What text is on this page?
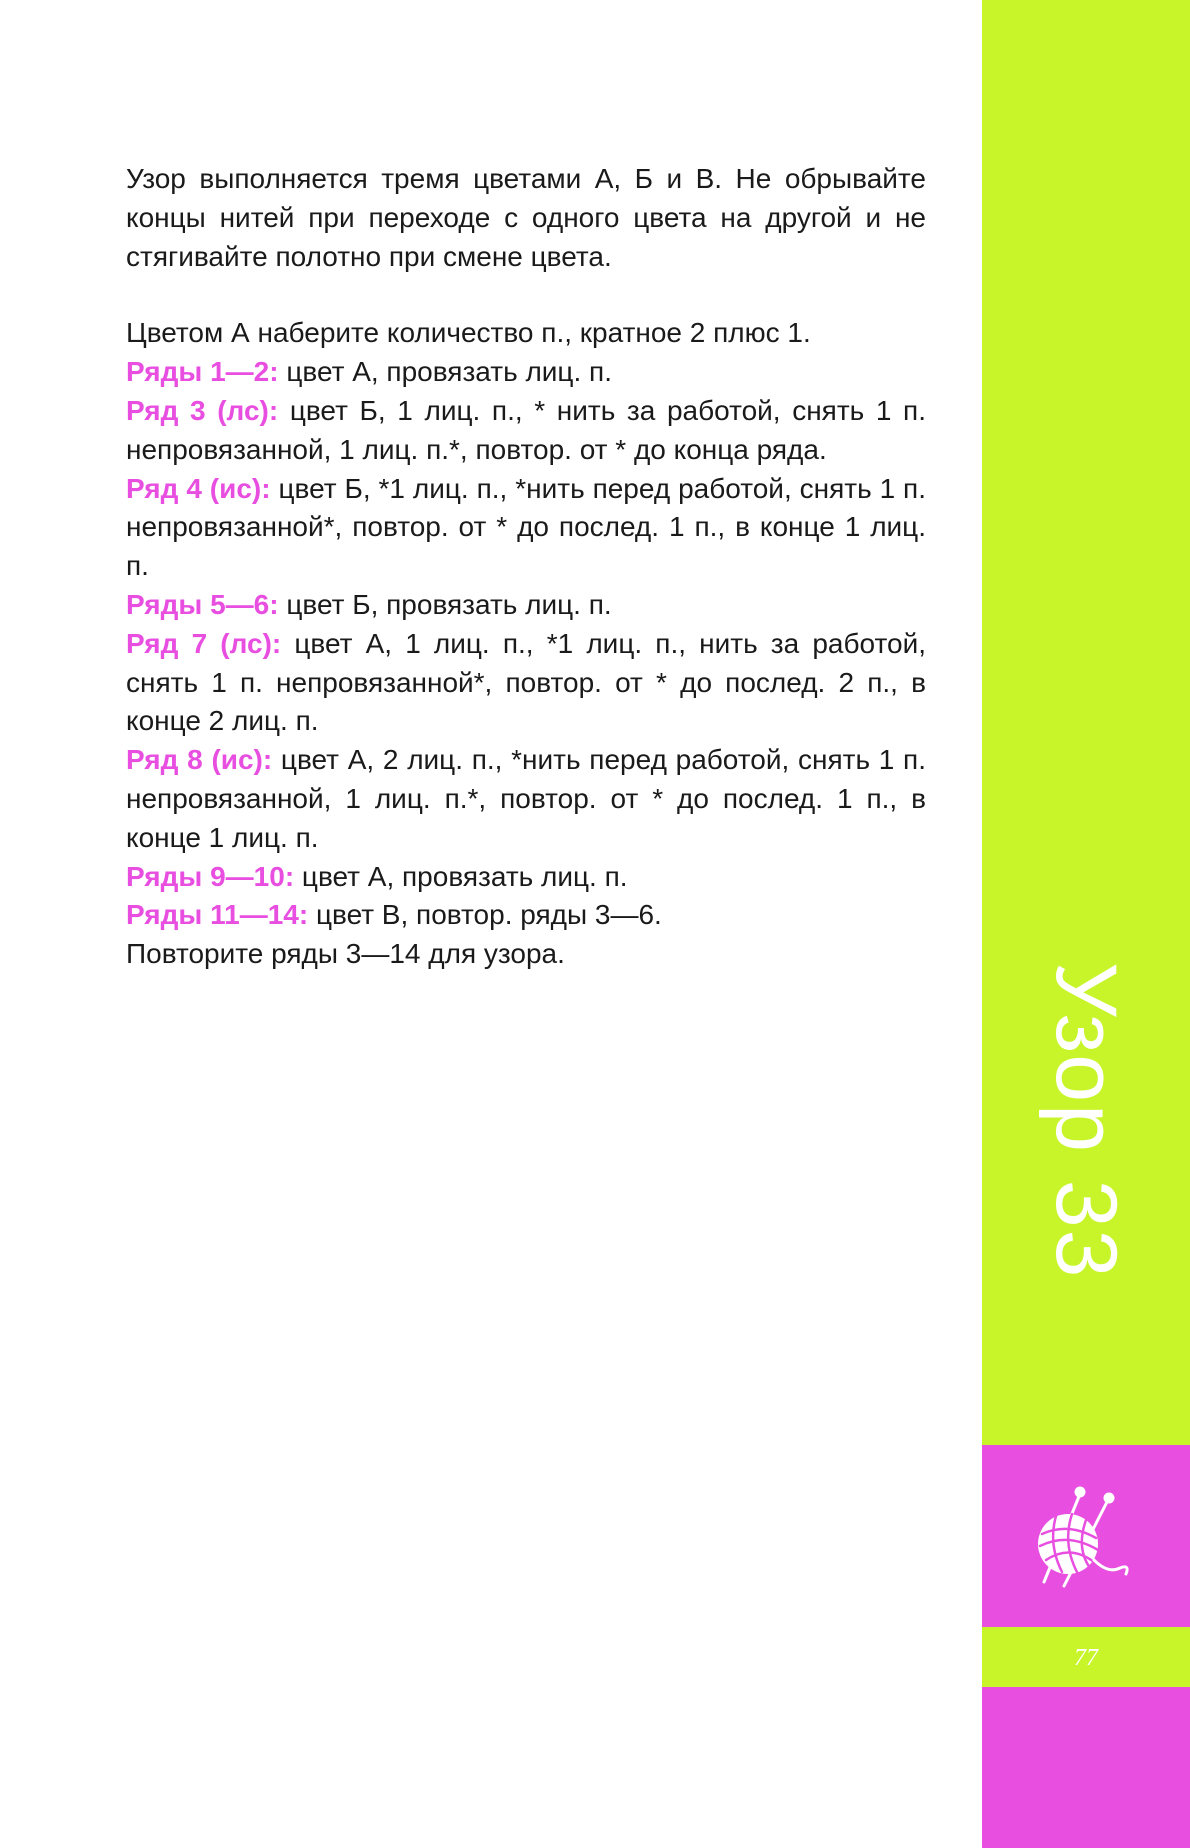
Узор выполняется тремя цветами А, Б и В. Не обрывайте концы нитей при переходе с одного цвета на другой и не стягивайте полотно при смене цвета.

Цветом А наберите количество п., кратное 2 плюс 1.

Ряды 1—2: цвет А, провязать лиц. п.

Ряд 3 (лс): цвет Б, 1 лиц. п., * нить за работой, снять 1 п. непровязанной, 1 лиц. п.*, повтор. от * до конца ряда.

Ряд 4 (ис): цвет Б, *1 лиц. п., *нить перед работой, снять 1 п. непровязанной*, повтор. от * до послед. 1 п., в конце 1 лиц. п.

Ряды 5—6: цвет Б, провязать лиц. п.

Ряд 7 (лс): цвет А, 1 лиц. п., *1 лиц. п., нить за работой, снять 1 п. непровязанной*, повтор. от * до послед. 2 п., в конце 2 лиц. п.

Ряд 8 (ис): цвет А, 2 лиц. п., *нить перед работой, снять 1 п. непровязанной, 1 лиц. п.*, повтор. от * до послед. 1 п., в конце 1 лиц. п.

Ряды 9—10: цвет А, провязать лиц. п.

Ряды 11—14: цвет В, повтор. ряды 3—6.

Повторите ряды 3—14 для узора.

Узор 33
77
